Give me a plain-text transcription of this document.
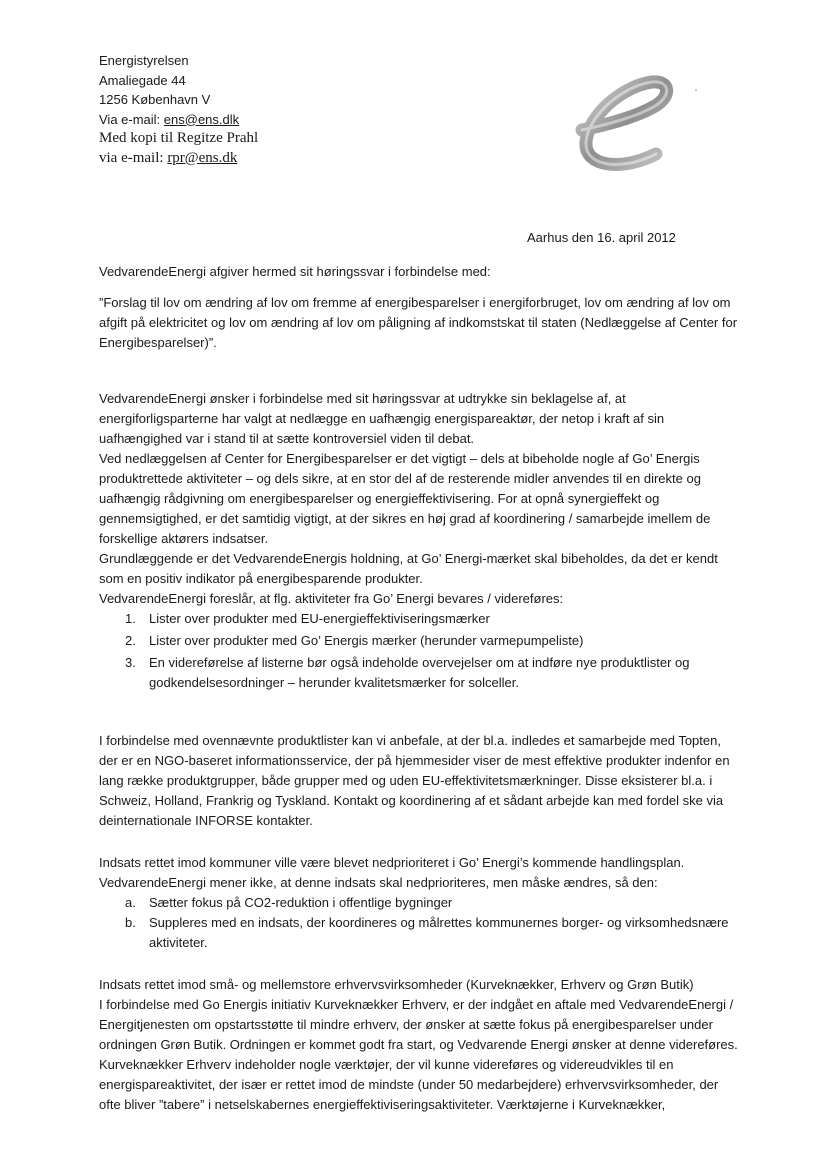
Energistyrelsen
Amaliegade 44
1256 København V
Via e-mail: ens@ens.dlk
Med kopi til Regitze Prahl
via e-mail: rpr@ens.dk
Aarhus den 16. april 2012

VedvarendeEnergi afgiver hermed sit høringssvar i forbindelse med:

”Forslag til lov om ændring af lov om fremme af energibesparelser i energiforbruget, lov om ændring af lov om afgift på elektricitet og lov om ændring af lov om påligning af indkomstskat til staten (Nedlæggelse af Center for Energibesparelser)”.

VedvarendeEnergi ønsker i forbindelse med sit høringssvar at udtrykke sin beklagelse af, at energiforligsparterne har valgt at nedlægge en uafhængig energispareaktør, der netop i kraft af sin uafhængighed var i stand til at sætte kontroversiel viden til debat.

Ved nedlæggelsen af Center for Energibesparelser er det vigtigt – dels at bibeholde nogle af Go’ Energis produktrettede aktiviteter – og dels sikre, at en stor del af de resterende midler anvendes til en direkte og uafhængig rådgivning om energibesparelser og energieffektivisering. For at opnå synergieffekt og gennemsigtighed, er det samtidig vigtigt, at der sikres en høj grad af koordinering / samarbejde imellem de forskellige aktørers indsatser.

Grundlæggende er det VedvarendeEnergis holdning, at Go’ Energi-mærket skal bibeholdes, da det er kendt som en positiv indikator på energibesparende produkter.

VedvarendeEnergi foreslår, at flg. aktiviteter fra Go’ Energi bevares / videreføres:

1. Lister over produkter med EU-energieffektiviseringsmærker
2. Lister over produkter med Go’ Energis mærker (herunder varmepumpeliste)
3. En videreførelse af listerne bør også indeholde overvejelser om at indføre nye produktlister og godkendelsesordninger – herunder kvalitetsmærker for solceller.

I forbindelse med ovennævnte produktlister kan vi anbefale, at der bl.a. indledes et samarbejde med Topten, der er en NGO-baseret informationsservice, der på hjemmesider viser de mest effektive produkter indenfor en lang række produktgrupper, både grupper med og uden EU-effektivitetsmærkninger. Disse eksisterer bl.a. i Schweiz, Holland, Frankrig og Tyskland. Kontakt og koordinering af et sådant arbejde kan med fordel ske via deinternationale INFORSE kontakter.

Indsats rettet imod kommuner ville være blevet nedprioriteret i Go’ Energi’s kommende handlingsplan.

VedvarendeEnergi mener ikke, at denne indsats skal nedprioriteres, men måske ændres, så den:

a. Sætter fokus på CO2-reduktion i offentlige bygninger
b. Suppleres med en indsats, der koordineres og målrettes kommunernes borger- og virksomhedsnære aktiviteter.

Indsats rettet imod små- og mellemstore erhvervsvirksomheder (Kurveknækker, Erhverv og Grøn Butik)

I forbindelse med Go Energis initiativ Kurveknækker Erhverv, er der indgået en aftale med VedvarendeEnergi / Energitjenesten om opstartsstøtte til mindre erhverv, der ønsker at sætte fokus på energibesparelser under ordningen Grøn Butik. Ordningen er kommet godt fra start, og Vedvarende Energi ønsker at denne videreføres.

Kurveknækker Erhverv indeholder nogle værktøjer, der vil kunne videreføres og videreudvikles til en energispareaktivitet, der især er rettet imod de mindste (under 50 medarbejdere) erhvervsvirksomheder, der ofte bliver ”tabere” i netselskabernes energieffektiviseringsaktiviteter. Værktøjerne i Kurveknækker,
